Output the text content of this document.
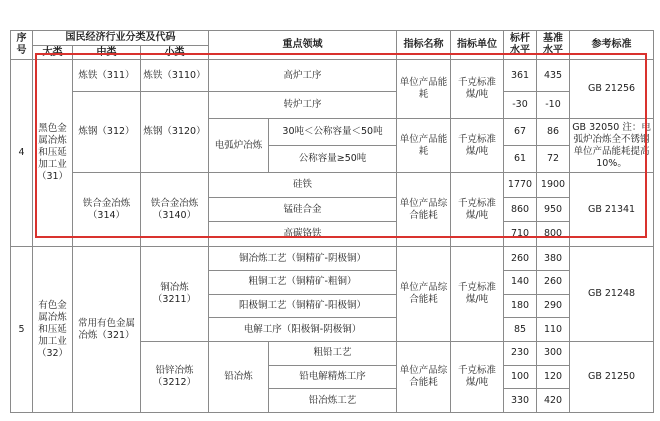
序号	国民经济行业分类及代码			重点领域		指标名称	指标单位	标杆水平	基准水平	参考标准
	大类	中类	小类							
4	黑色金属冶炼和压延加工业（31）	炼铁（311）	炼铁（3110）	高炉工序		单位产品能耗	千克标准煤/吨	361	435	GB 21256
		炼钢（312）	炼钢（3120）	转炉工序				-30	-10	
				电弧炉冶炼	30吨＜公称容量＜50吨	单位产品能耗	千克标准煤/吨	67	86	GB 32050 注：电弧炉冶炼全不锈钢单位产品能耗提高10%。
					公称容量≥50吨			61	72	
		铁合金冶炼（314）	铁合金冶炼（3140）	硅铁		单位产品综合能耗	千克标准煤/吨	1770	1900	GB 21341
				锰硅合金				860	950	
				高碳铬铁				710	800	
5	有色金属冶炼和压延加工业（32）	常用有色金属冶炼（321）	铜冶炼（3211）	铜冶炼工艺（铜精矿-阴极铜）		单位产品综合能耗	千克标准煤/吨	260	380	GB 21248
				粗铜工艺（铜精矿-粗铜）				140	260	
				阳极铜工艺（铜精矿-阳极铜）				180	290	
				电解工序（阳极铜-阴极铜）				85	110	
			铅锌冶炼（3212）	铅冶炼	粗铅工艺	单位产品综合能耗	千克标准煤/吨	230	300	GB 21250
					铅电解精炼工序			100	120	
					铅冶炼工艺			330	420	
